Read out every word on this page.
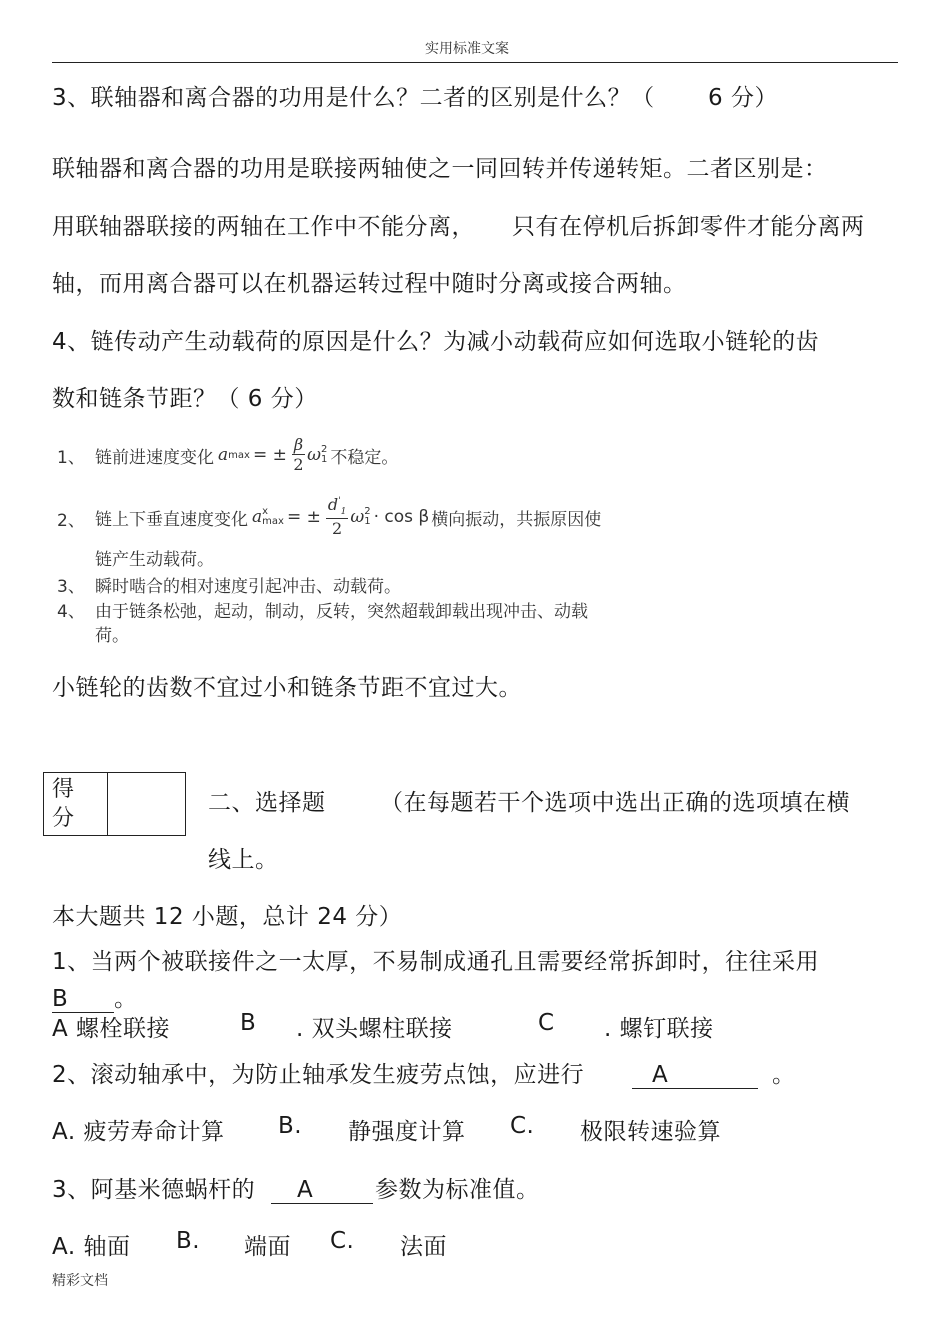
实用标准文案
3、联轴器和离合器的功用是什么？二者的区别是什么？（ 6 分）
联轴器和离合器的功用是联接两轴使之一同回转并传递转矩。二者区别是：
用联轴器联接的两轴在工作中不能分离， 只有在停机后拆卸零件才能分离两
轴，而用离合器可以在机器运转过程中随时分离或接合两轴。
4、链传动产生动载荷的原因是什么？为减小动载荷应如何选取小链轮的齿
数和链条节距？（ 6 分）
1、 链前进速度变化 a max = ± $\frac{\beta}{2}$ ω 2
1 不稳定。
2、 链上下垂直速度变化 a x
max = ± $\frac{d'_1}{2}$ ω 2
1 · cos β 横向振动，共振原因使
链产生动载荷。
3、 瞬时啮合的相对速度引起冲击、动载荷。
4、 由于链条松弛，起动，制动，反转，突然超载卸载出现冲击、动载
荷。
小链轮的齿数不宜过小和链条节距不宜过大。
得
分
二、选择题 （在每题若干个选项中选出正确的选项填在横
线上。
本大题共 12 小题，总计 24 分）
1、当两个被联接件之一太厚，不易制成通孔且需要经常拆卸时，往往采用
B 。
A 螺栓联接	B . 双头螺柱联接	C . 螺钉联接
2、滚动轴承中，为防止轴承发生疲劳点蚀，应进行	A	。
A. 疲劳寿命计算 B. 静强度计算 C. 极限转速验算
3、阿基米德蜗杆的	A	参数为标准值。
A. 轴面 B. 端面 C. 法面
精彩文档
